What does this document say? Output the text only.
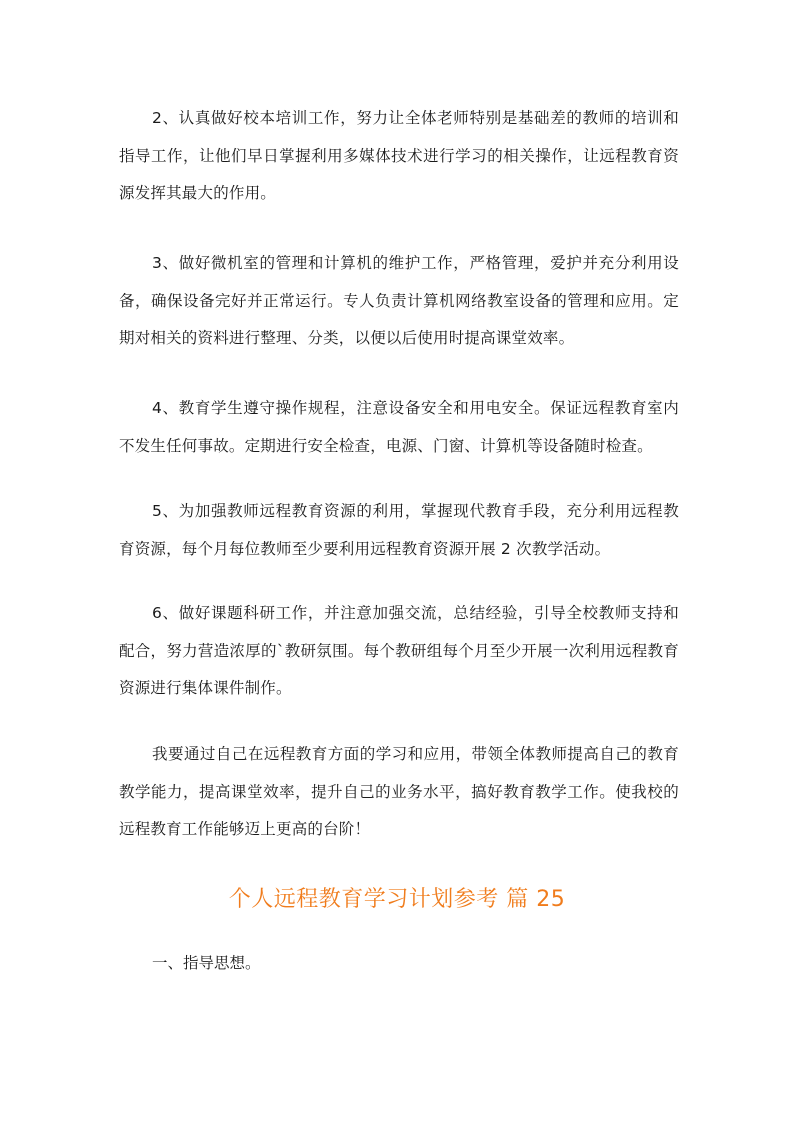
2、认真做好校本培训工作，努力让全体老师特别是基础差的教师的培训和指导工作，让他们早日掌握利用多媒体技术进行学习的相关操作，让远程教育资源发挥其最大的作用。

3、做好微机室的管理和计算机的维护工作，严格管理，爱护并充分利用设备，确保设备完好并正常运行。专人负责计算机网络教室设备的管理和应用。定期对相关的资料进行整理、分类，以便以后使用时提高课堂效率。

4、教育学生遵守操作规程，注意设备安全和用电安全。保证远程教育室内不发生任何事故。定期进行安全检查，电源、门窗、计算机等设备随时检查。

5、为加强教师远程教育资源的利用，掌握现代教育手段，充分利用远程教育资源，每个月每位教师至少要利用远程教育资源开展 2 次教学活动。

6、做好课题科研工作，并注意加强交流，总结经验，引导全校教师支持和配合，努力营造浓厚的`教研氛围。每个教研组每个月至少开展一次利用远程教育资源进行集体课件制作。

我要通过自己在远程教育方面的学习和应用，带领全体教师提高自己的教育教学能力，提高课堂效率，提升自己的业务水平，搞好教育教学工作。使我校的远程教育工作能够迈上更高的台阶！

个人远程教育学习计划参考 篇 25

一、指导思想。
